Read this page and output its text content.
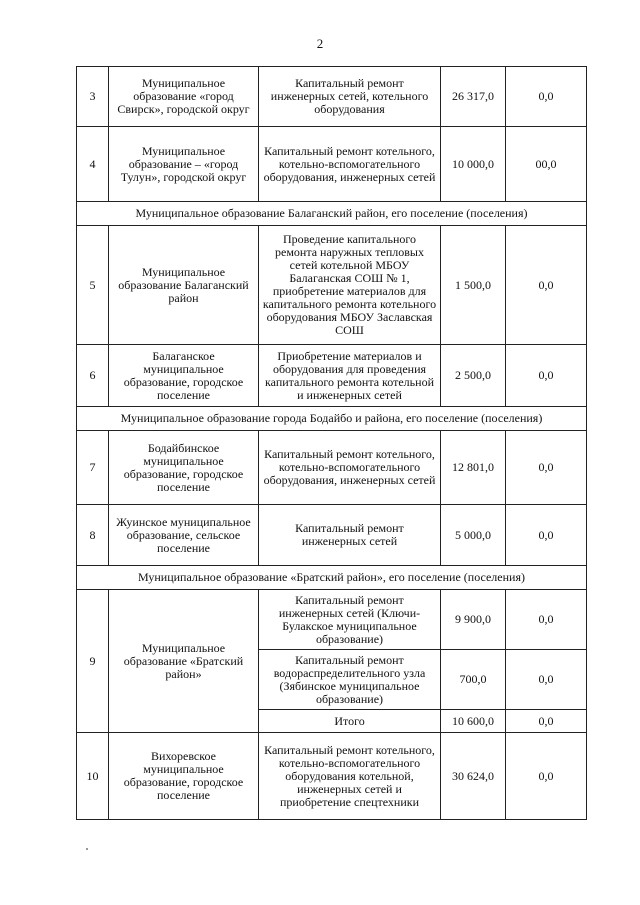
2
3	Муниципальное образование «город Свирск», городской округ	Капитальный ремонт инженерных сетей, котельного оборудования	26 317,0	0,0
4	Муниципальное образование – «город Тулун», городской округ	Капитальный ремонт котельного, котельно-вспомогательного оборудования, инженерных сетей	10 000,0	00,0
Муниципальное образование Балаганский район, его поселение (поселения)				
5	Муниципальное образование Балаганский район	Проведение капитального ремонта наружных тепловых сетей котельной МБОУ Балаганская СОШ № 1, приобретение материалов для капитального ремонта котельного оборудования МБОУ Заславская СОШ	1 500,0	0,0
6	Балаганское муниципальное образование, городское поселение	Приобретение материалов и оборудования для проведения капитального ремонта котельной и инженерных сетей	2 500,0	0,0
Муниципальное образование города Бодайбо и района, его поселение (поселения)				
7	Бодайбинское муниципальное образование, городское поселение	Капитальный ремонт котельного, котельно-вспомогательного оборудования, инженерных сетей	12 801,0	0,0
8	Жуинское муниципальное образование, сельское поселение	Капитальный ремонт инженерных сетей	5 000,0	0,0
Муниципальное образование «Братский район», его поселение (поселения)				
9	Муниципальное образование «Братский район»	Капитальный ремонт инженерных сетей (Ключи-Булакское муниципальное образование)	9 900,0	0,0
		Капитальный ремонт водораспределительного узла (Зябинское муниципальное образование)	700,0	0,0
		Итого	10 600,0	0,0
10	Вихоревское муниципальное образование, городское поселение	Капитальный ремонт котельного, котельно-вспомогательного оборудования котельной, инженерных сетей и приобретение спецтехники	30 624,0	0,0
